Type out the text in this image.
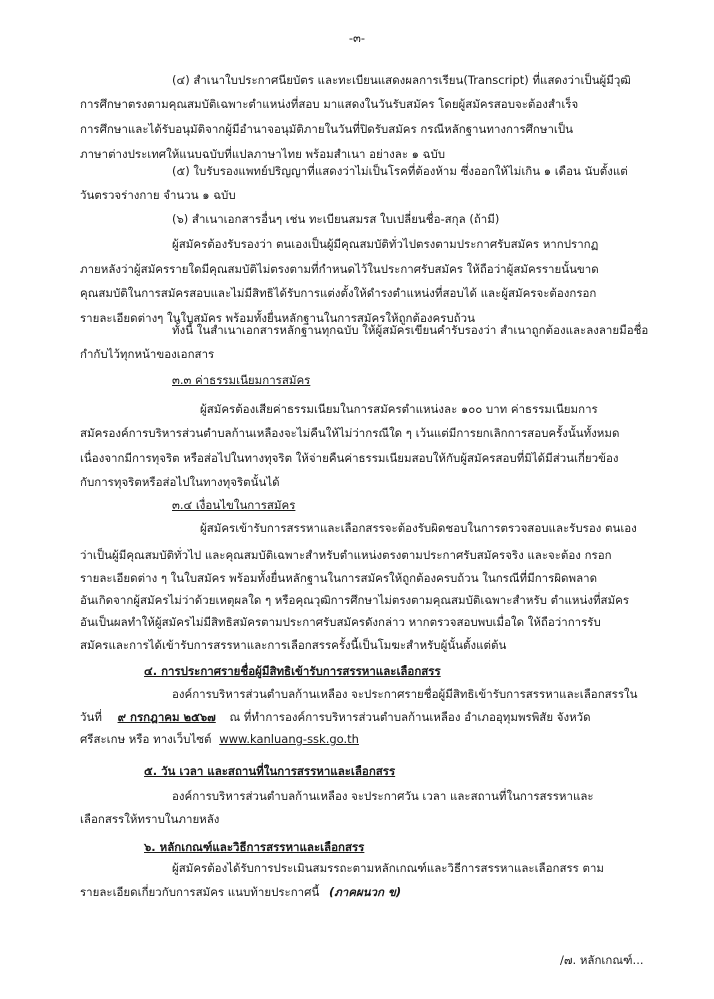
-๓-
(๔) สำเนาใบประกาศนียบัตร และทะเบียนแสดงผลการเรียน(Transcript) ที่แสดงว่าเป็นผู้มีวุฒิ
การศึกษาตรงตามคุณสมบัติเฉพาะตำแหน่งที่สอบ มาแสดงในวันรับสมัคร โดยผู้สมัครสอบจะต้องสำเร็จ
การศึกษาและได้รับอนุมัติจากผู้มีอำนาจอนุมัติภายในวันที่ปิดรับสมัคร กรณีหลักฐานทางการศึกษาเป็น
ภาษาต่างประเทศให้แนบฉบับที่แปลภาษาไทย พร้อมสำเนา อย่างละ ๑ ฉบับ
(๕) ใบรับรองแพทย์ปริญญาที่แสดงว่าไม่เป็นโรคที่ต้องห้าม ซึ่งออกให้ไม่เกิน ๑ เดือน นับตั้งแต่
วันตรวจร่างกาย จำนวน ๑ ฉบับ
(๖) สำเนาเอกสารอื่นๆ เช่น ทะเบียนสมรส ใบเปลี่ยนชื่อ-สกุล (ถ้ามี)
ผู้สมัครต้องรับรองว่า ตนเองเป็นผู้มีคุณสมบัติทั่วไปตรงตามประกาศรับสมัคร หากปรากฏ
ภายหลังว่าผู้สมัครรายใดมีคุณสมบัติไม่ตรงตามที่กำหนดไว้ในประกาศรับสมัคร ให้ถือว่าผู้สมัครรายนั้นขาด
คุณสมบัติในการสมัครสอบและไม่มีสิทธิได้รับการแต่งตั้งให้ดำรงตำแหน่งที่สอบได้ และผู้สมัครจะต้องกรอก
รายละเอียดต่างๆ ในใบสมัคร พร้อมทั้งยื่นหลักฐานในการสมัครให้ถูกต้องครบถ้วน
ทั้งนี้ ในสำเนาเอกสารหลักฐานทุกฉบับ ให้ผู้สมัครเขียนคำรับรองว่า สำเนาถูกต้องและลงลายมือชื่อ
กำกับไว้ทุกหน้าของเอกสาร
๓.๓ ค่าธรรมเนียมการสมัคร
ผู้สมัครต้องเสียค่าธรรมเนียมในการสมัครตำแหน่งละ ๑๐๐ บาท ค่าธรรมเนียมการ
สมัครองค์การบริหารส่วนตำบลก้านเหลืองจะไม่คืนให้ไม่ว่ากรณีใด ๆ เว้นแต่มีการยกเลิกการสอบครั้งนั้นทั้งหมด
เนื่องจากมีการทุจริต หรือส่อไปในทางทุจริต ให้จ่ายคืนค่าธรรมเนียมสอบให้กับผู้สมัครสอบที่มิได้มีส่วนเกี่ยวข้อง
กับการทุจริตหรือส่อไปในทางทุจริตนั้นได้
๓.๔ เงื่อนไขในการสมัคร
ผู้สมัครเข้ารับการสรรหาและเลือกสรรจะต้องรับผิดชอบในการตรวจสอบและรับรอง ตนเอง
ว่าเป็นผู้มีคุณสมบัติทั่วไป และคุณสมบัติเฉพาะสำหรับตำแหน่งตรงตามประกาศรับสมัครจริง และจะต้อง กรอก
รายละเอียดต่าง ๆ ในใบสมัคร พร้อมทั้งยื่นหลักฐานในการสมัครให้ถูกต้องครบถ้วน ในกรณีที่มีการผิดพลาด
อันเกิดจากผู้สมัครไม่ว่าด้วยเหตุผลใด ๆ หรือคุณวุฒิการศึกษาไม่ตรงตามคุณสมบัติเฉพาะสำหรับ ตำแหน่งที่สมัคร
อันเป็นผลทำให้ผู้สมัครไม่มีสิทธิสมัครตามประกาศรับสมัครดังกล่าว หากตรวจสอบพบเมื่อใด ให้ถือว่าการรับ
สมัครและการได้เข้ารับการสรรหาและการเลือกสรรครั้งนี้เป็นโมฆะสำหรับผู้นั้นตั้งแต่ต้น
๔. การประกาศรายชื่อผู้มีสิทธิเข้ารับการสรรหาและเลือกสรร
องค์การบริหารส่วนตำบลก้านเหลือง จะประกาศรายชื่อผู้มีสิทธิเข้ารับการสรรหาและเลือกสรรใน
วันที่ ๙ กรกฎาคม ๒๕๖๗ ณ ที่ทำการองค์การบริหารส่วนตำบลก้านเหลือง อำเภออุทุมพรพิสัย จังหวัด
ศรีสะเกษ หรือ ทางเว็บไซต์ www.kanluang-ssk.go.th
๕. วัน เวลา และสถานที่ในการสรรหาและเลือกสรร
องค์การบริหารส่วนตำบลก้านเหลือง จะประกาศวัน เวลา และสถานที่ในการสรรหาและ
เลือกสรรให้ทราบในภายหลัง
๖. หลักเกณฑ์และวิธีการสรรหาและเลือกสรร
ผู้สมัครต้องได้รับการประเมินสมรรถะตามหลักเกณฑ์และวิธีการสรรหาและเลือกสรร ตาม
รายละเอียดเกี่ยวกับการสมัคร แนบท้ายประกาศนี้ (ภาคผนวก ข)
/๗. หลักเกณฑ์...
